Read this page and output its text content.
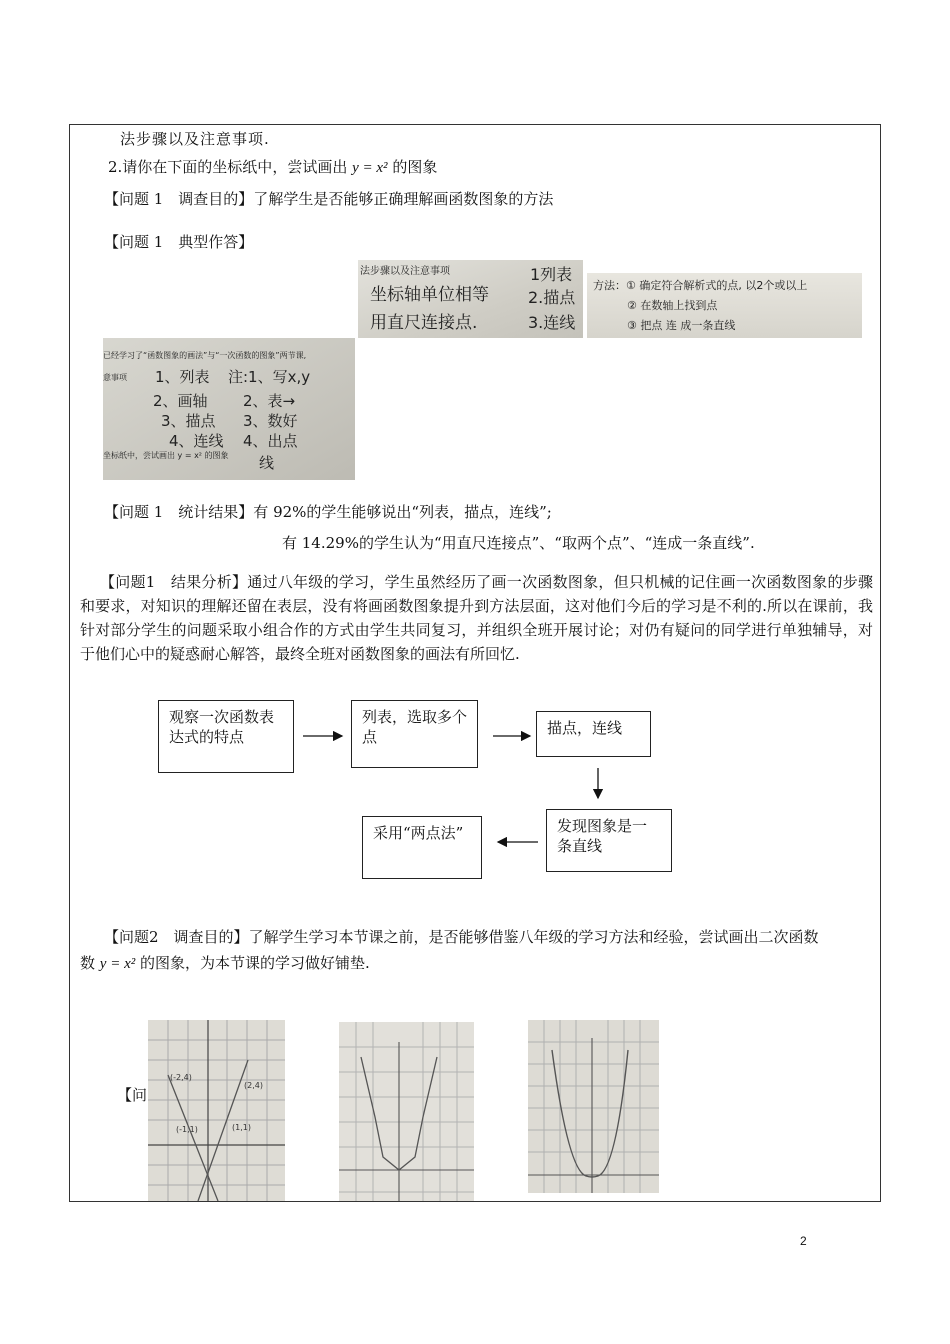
法步骤以及注意事项.
2.请你在下面的坐标纸中，尝试画出 y = x² 的图象
【问题 1　调查目的】了解学生是否能够正确理解画函数图象的方法
【问题 1　典型作答】
法步骤以及注意事项
坐标轴单位相等
用直尺连接点.
1列表
2.描点
3.连线
方法：① 确定符合解析式的点, 以2个或以上
② 在数轴上找到点
③ 把点 连 成一条直线
已经学习了“函数图象的画法”与“一次函数的图象”两节课,
意事项 1、列表
2、画轴
3、描点
4、连线
注:1、写x,y
2、表→
3、数好
4、出点
线
坐标纸中，尝试画出 y = x² 的图象
【问题 1　统计结果】有 92%的学生能够说出“列表，描点，连线”;
有 14.29%的学生认为“用直尺连接点”、“取两个点”、“连成一条直线”.
【问题1　结果分析】通过八年级的学习，学生虽然经历了画一次函数图象，但只机械的记住画一次函数图象的步骤和要求，对知识的理解还留在表层，没有将画函数图象提升到方法层面，这对他们今后的学习是不利的.所以在课前，我针对部分学生的问题采取小组合作的方式由学生共同复习，并组织全班开展讨论；对仍有疑问的同学进行单独辅导，对于他们心中的疑惑耐心解答，最终全班对函数图象的画法有所回忆.
观察一次函数表达式的特点
列表，选取多个点	描点，连线
发现图象是一条直线
采用“两点法”
【问题2　调查目的】了解学生学习本节课之前，是否能够借鉴八年级的学习方法和经验，尝试画出二次函数
数 y = x² 的图象，为本节课的学习做好铺垫.
【问
(-2,4)
(2,4)
(-1,1)	(1,1)
2
